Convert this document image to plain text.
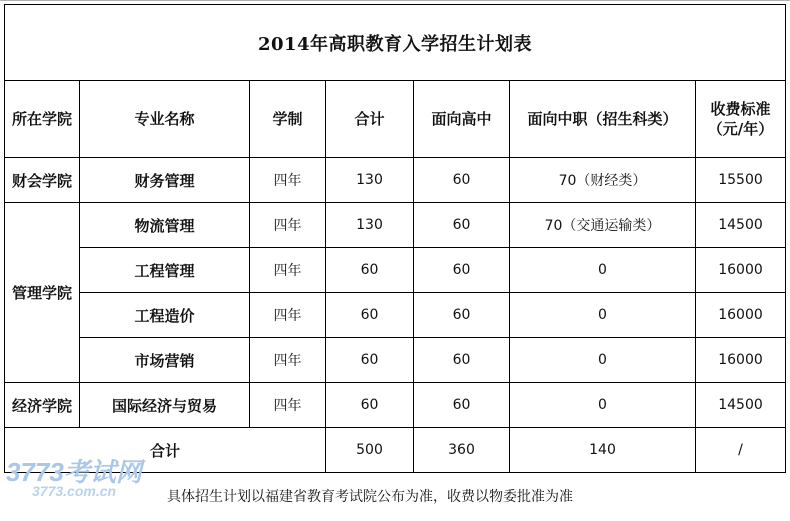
2014年高职教育入学招生计划表						
所在学院	专业名称	学制	合计	面向高中	面向中职（招生科类）	收费标准
（元/年）
财会学院	财务管理	四年	130	60	70（财经类）	15500
管理学院	物流管理	四年	130	60	70（交通运输类）	14500
	工程管理	四年	60	60	0	16000
	工程造价	四年	60	60	0	16000
	市场营销	四年	60	60	0	16000
经济学院	国际经济与贸易	四年	60	60	0	14500
合计			500	360	140	/
3773考试网
3773.com.cn	具体招生计划以福建省教育考试院公布为准，收费以物委批准为准
